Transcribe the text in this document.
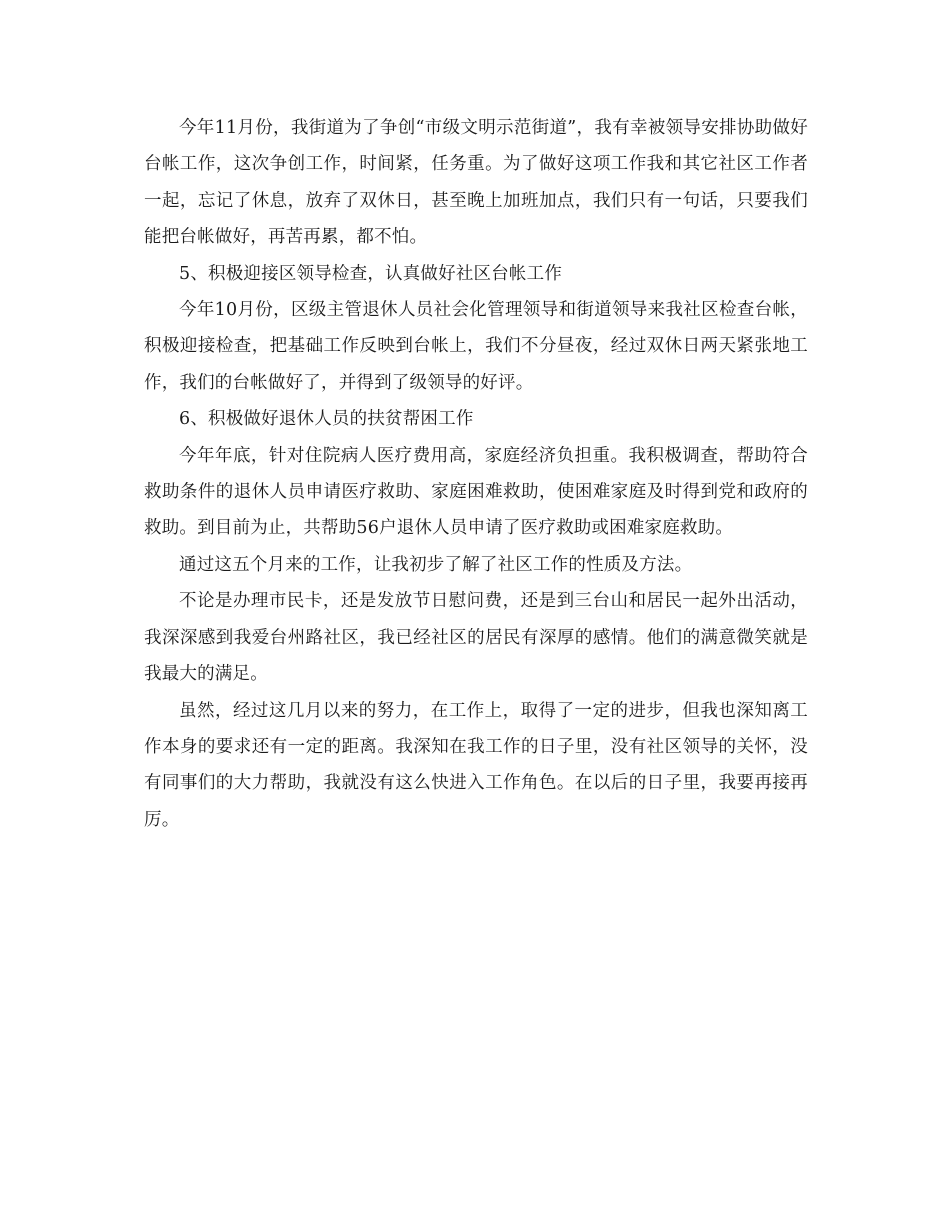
今年11月份，我街道为了争创“市级文明示范街道”，我有幸被领导安排协助做好台帐工作，这次争创工作，时间紧，任务重。为了做好这项工作我和其它社区工作者一起，忘记了休息，放弃了双休日，甚至晚上加班加点，我们只有一句话，只要我们能把台帐做好，再苦再累，都不怕。

5、积极迎接区领导检查，认真做好社区台帐工作

今年10月份，区级主管退休人员社会化管理领导和街道领导来我社区检查台帐，积极迎接检查，把基础工作反映到台帐上，我们不分昼夜，经过双休日两天紧张地工作，我们的台帐做好了，并得到了级领导的好评。

6、积极做好退休人员的扶贫帮困工作

今年年底，针对住院病人医疗费用高，家庭经济负担重。我积极调查，帮助符合救助条件的退休人员申请医疗救助、家庭困难救助，使困难家庭及时得到党和政府的救助。到目前为止，共帮助56户退休人员申请了医疗救助或困难家庭救助。

通过这五个月来的工作，让我初步了解了社区工作的性质及方法。

不论是办理市民卡，还是发放节日慰问费，还是到三台山和居民一起外出活动，我深深感到我爱台州路社区，我已经社区的居民有深厚的感情。他们的满意微笑就是我最大的满足。

虽然，经过这几月以来的努力，在工作上，取得了一定的进步，但我也深知离工作本身的要求还有一定的距离。我深知在我工作的日子里，没有社区领导的关怀，没有同事们的大力帮助，我就没有这么快进入工作角色。在以后的日子里，我要再接再厉。
